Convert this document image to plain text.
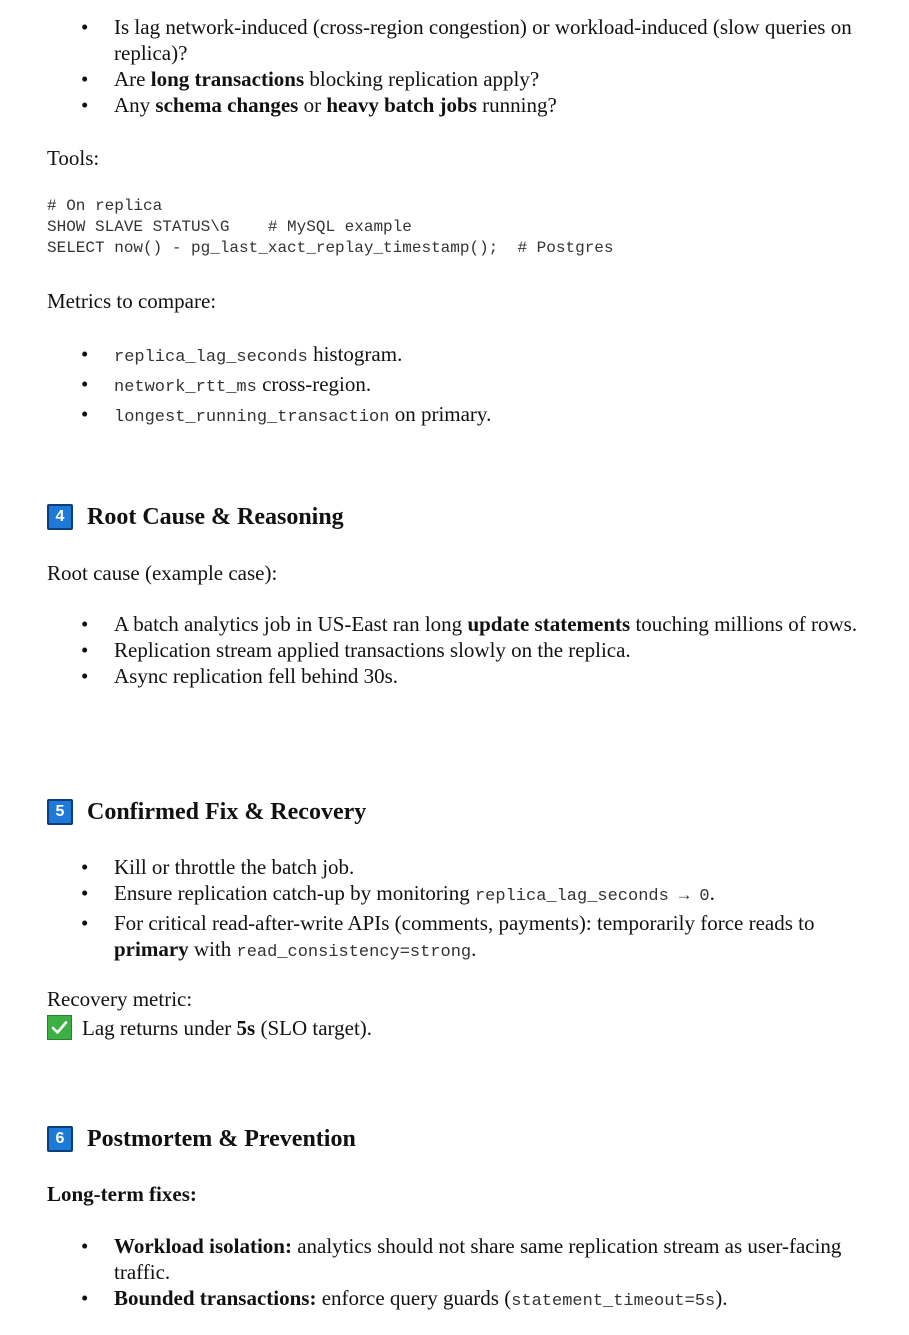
• Is lag network-induced (cross-region congestion) or workload-induced (slow queries on replica)?
• Are long transactions blocking replication apply?
• Any schema changes or heavy batch jobs running?

Tools:

# On replica
SHOW SLAVE STATUS\G    # MySQL example
SELECT now() - pg_last_xact_replay_timestamp();  # Postgres

Metrics to compare:

• replica_lag_seconds histogram.
• network_rtt_ms cross-region.
• longest_running_transaction on primary.
4 Root Cause & Reasoning

Root cause (example case):

• A batch analytics job in US-East ran long update statements touching millions of rows.
• Replication stream applied transactions slowly on the replica.
• Async replication fell behind 30s.
5 Confirmed Fix & Recovery
• Kill or throttle the batch job.
• Ensure replication catch-up by monitoring replica_lag_seconds → 0.
• For critical read-after-write APIs (comments, payments): temporarily force reads to primary with read_consistency=strong.

Recovery metric:

Lag returns under 5s (SLO target).

6 Postmortem & Prevention

Long-term fixes:

• Workload isolation: analytics should not share same replication stream as user-facing traffic.
• Bounded transactions: enforce query guards (statement_timeout=5s).
